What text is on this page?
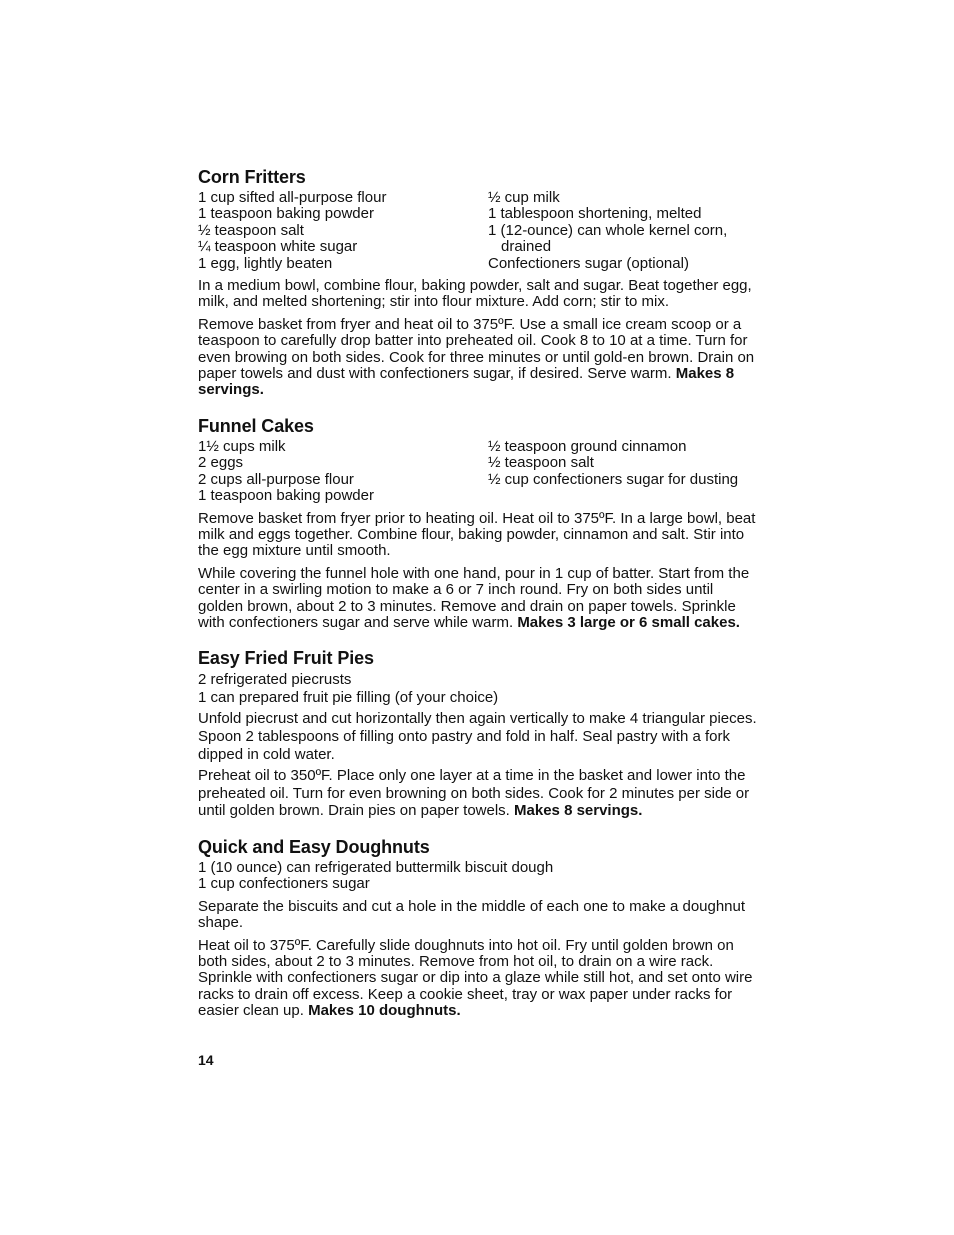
Corn Fritters
1 cup sifted all-purpose flour
1 teaspoon baking powder
½ teaspoon salt
¼ teaspoon white sugar
1 egg, lightly beaten
½ cup milk
1 tablespoon shortening, melted
1 (12-ounce) can whole kernel corn,
drained
Confectioners sugar (optional)

In a medium bowl, combine flour, baking powder, salt and sugar. Beat together egg, milk, and melted shortening; stir into flour mixture. Add corn; stir to mix.

Remove basket from fryer and heat oil to 375ºF. Use a small ice cream scoop or a teaspoon to carefully drop batter into preheated oil. Cook 8 to 10 at a time. Turn for even browing on both sides. Cook for three minutes or until gold-en brown. Drain on paper towels and dust with confectioners sugar, if desired. Serve warm. Makes 8 servings.

Funnel Cakes
1½ cups milk
2 eggs
2 cups all-purpose flour
1 teaspoon baking powder
½ teaspoon ground cinnamon
½ teaspoon salt
½ cup confectioners sugar for dusting

Remove basket from fryer prior to heating oil. Heat oil to 375ºF. In a large bowl, beat milk and eggs together. Combine flour, baking powder, cinnamon and salt. Stir into the egg mixture until smooth.

While covering the funnel hole with one hand, pour in 1 cup of batter. Start from the center in a swirling motion to make a 6 or 7 inch round. Fry on both sides until golden brown, about 2 to 3 minutes. Remove and drain on paper towels. Sprinkle with confectioners sugar and serve while warm. Makes 3 large or 6 small cakes.

Easy Fried Fruit Pies
2 refrigerated piecrusts
1 can prepared fruit pie filling (of your choice)

Unfold piecrust and cut horizontally then again vertically to make 4 triangular pieces. Spoon 2 tablespoons of filling onto pastry and fold in half. Seal pastry with a fork dipped in cold water.

Preheat oil to 350ºF. Place only one layer at a time in the basket and lower into the preheated oil. Turn for even browning on both sides. Cook for 2 minutes per side or until golden brown. Drain pies on paper towels. Makes 8 servings.

Quick and Easy Doughnuts
1 (10 ounce) can refrigerated buttermilk biscuit dough
1 cup confectioners sugar

Separate the biscuits and cut a hole in the middle of each one to make a doughnut shape.

Heat oil to 375ºF. Carefully slide doughnuts into hot oil. Fry until golden brown on both sides, about 2 to 3 minutes. Remove from hot oil, to drain on a wire rack. Sprinkle with confectioners sugar or dip into a glaze while still hot, and set onto wire racks to drain off excess. Keep a cookie sheet, tray or wax paper under racks for easier clean up. Makes 10 doughnuts.

14
